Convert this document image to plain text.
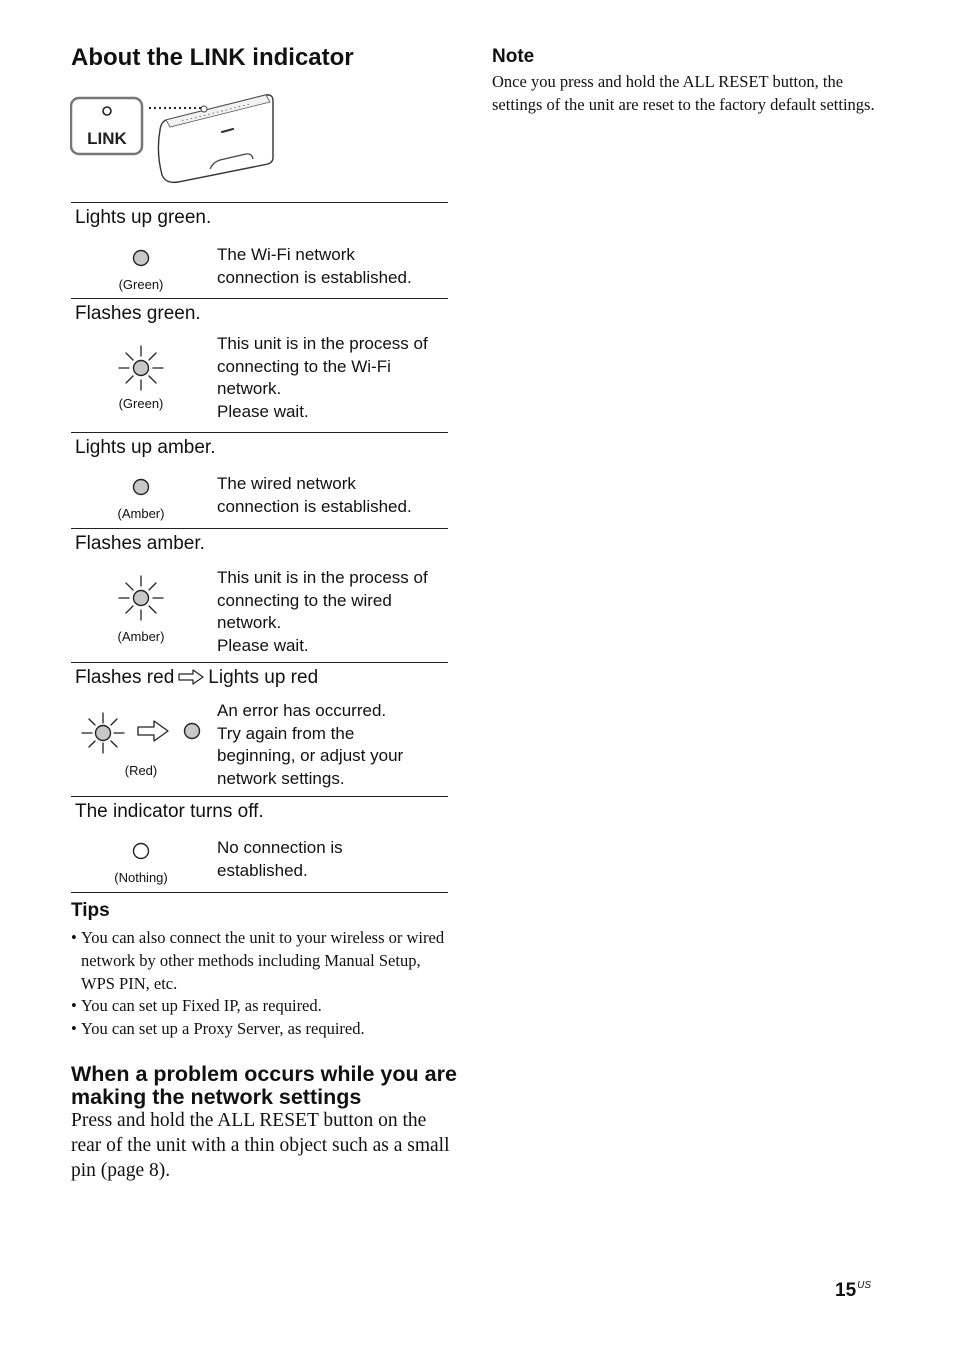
About the LINK indicator
LINK
Lights up green.
(Green)
The Wi-Fi network
connection is established.
Flashes green.
(Green)
This unit is in the process of
connecting to the Wi-Fi
network.
Please wait.
Lights up amber.
(Amber)
The wired network
connection is established.
Flashes amber.
(Amber)
This unit is in the process of
connecting to the wired
network.
Please wait.
Flashes red Lights up red
(Red)
An error has occurred.
Try again from the
beginning, or adjust your
network settings.
The indicator turns off.
(Nothing)
No connection is
established.
Tips
• You can also connect the unit to your wireless or wired network by other methods including Manual Setup, WPS PIN, etc.
• You can set up Fixed IP, as required.
• You can set up a Proxy Server, as required.
When a problem occurs while you are making the network settings

Press and hold the ALL RESET button on the rear of the unit with a thin object such as a small pin (page 8).

Note

Once you press and hold the ALL RESET button, the settings of the unit are reset to the factory default settings.

$15^{US}$
